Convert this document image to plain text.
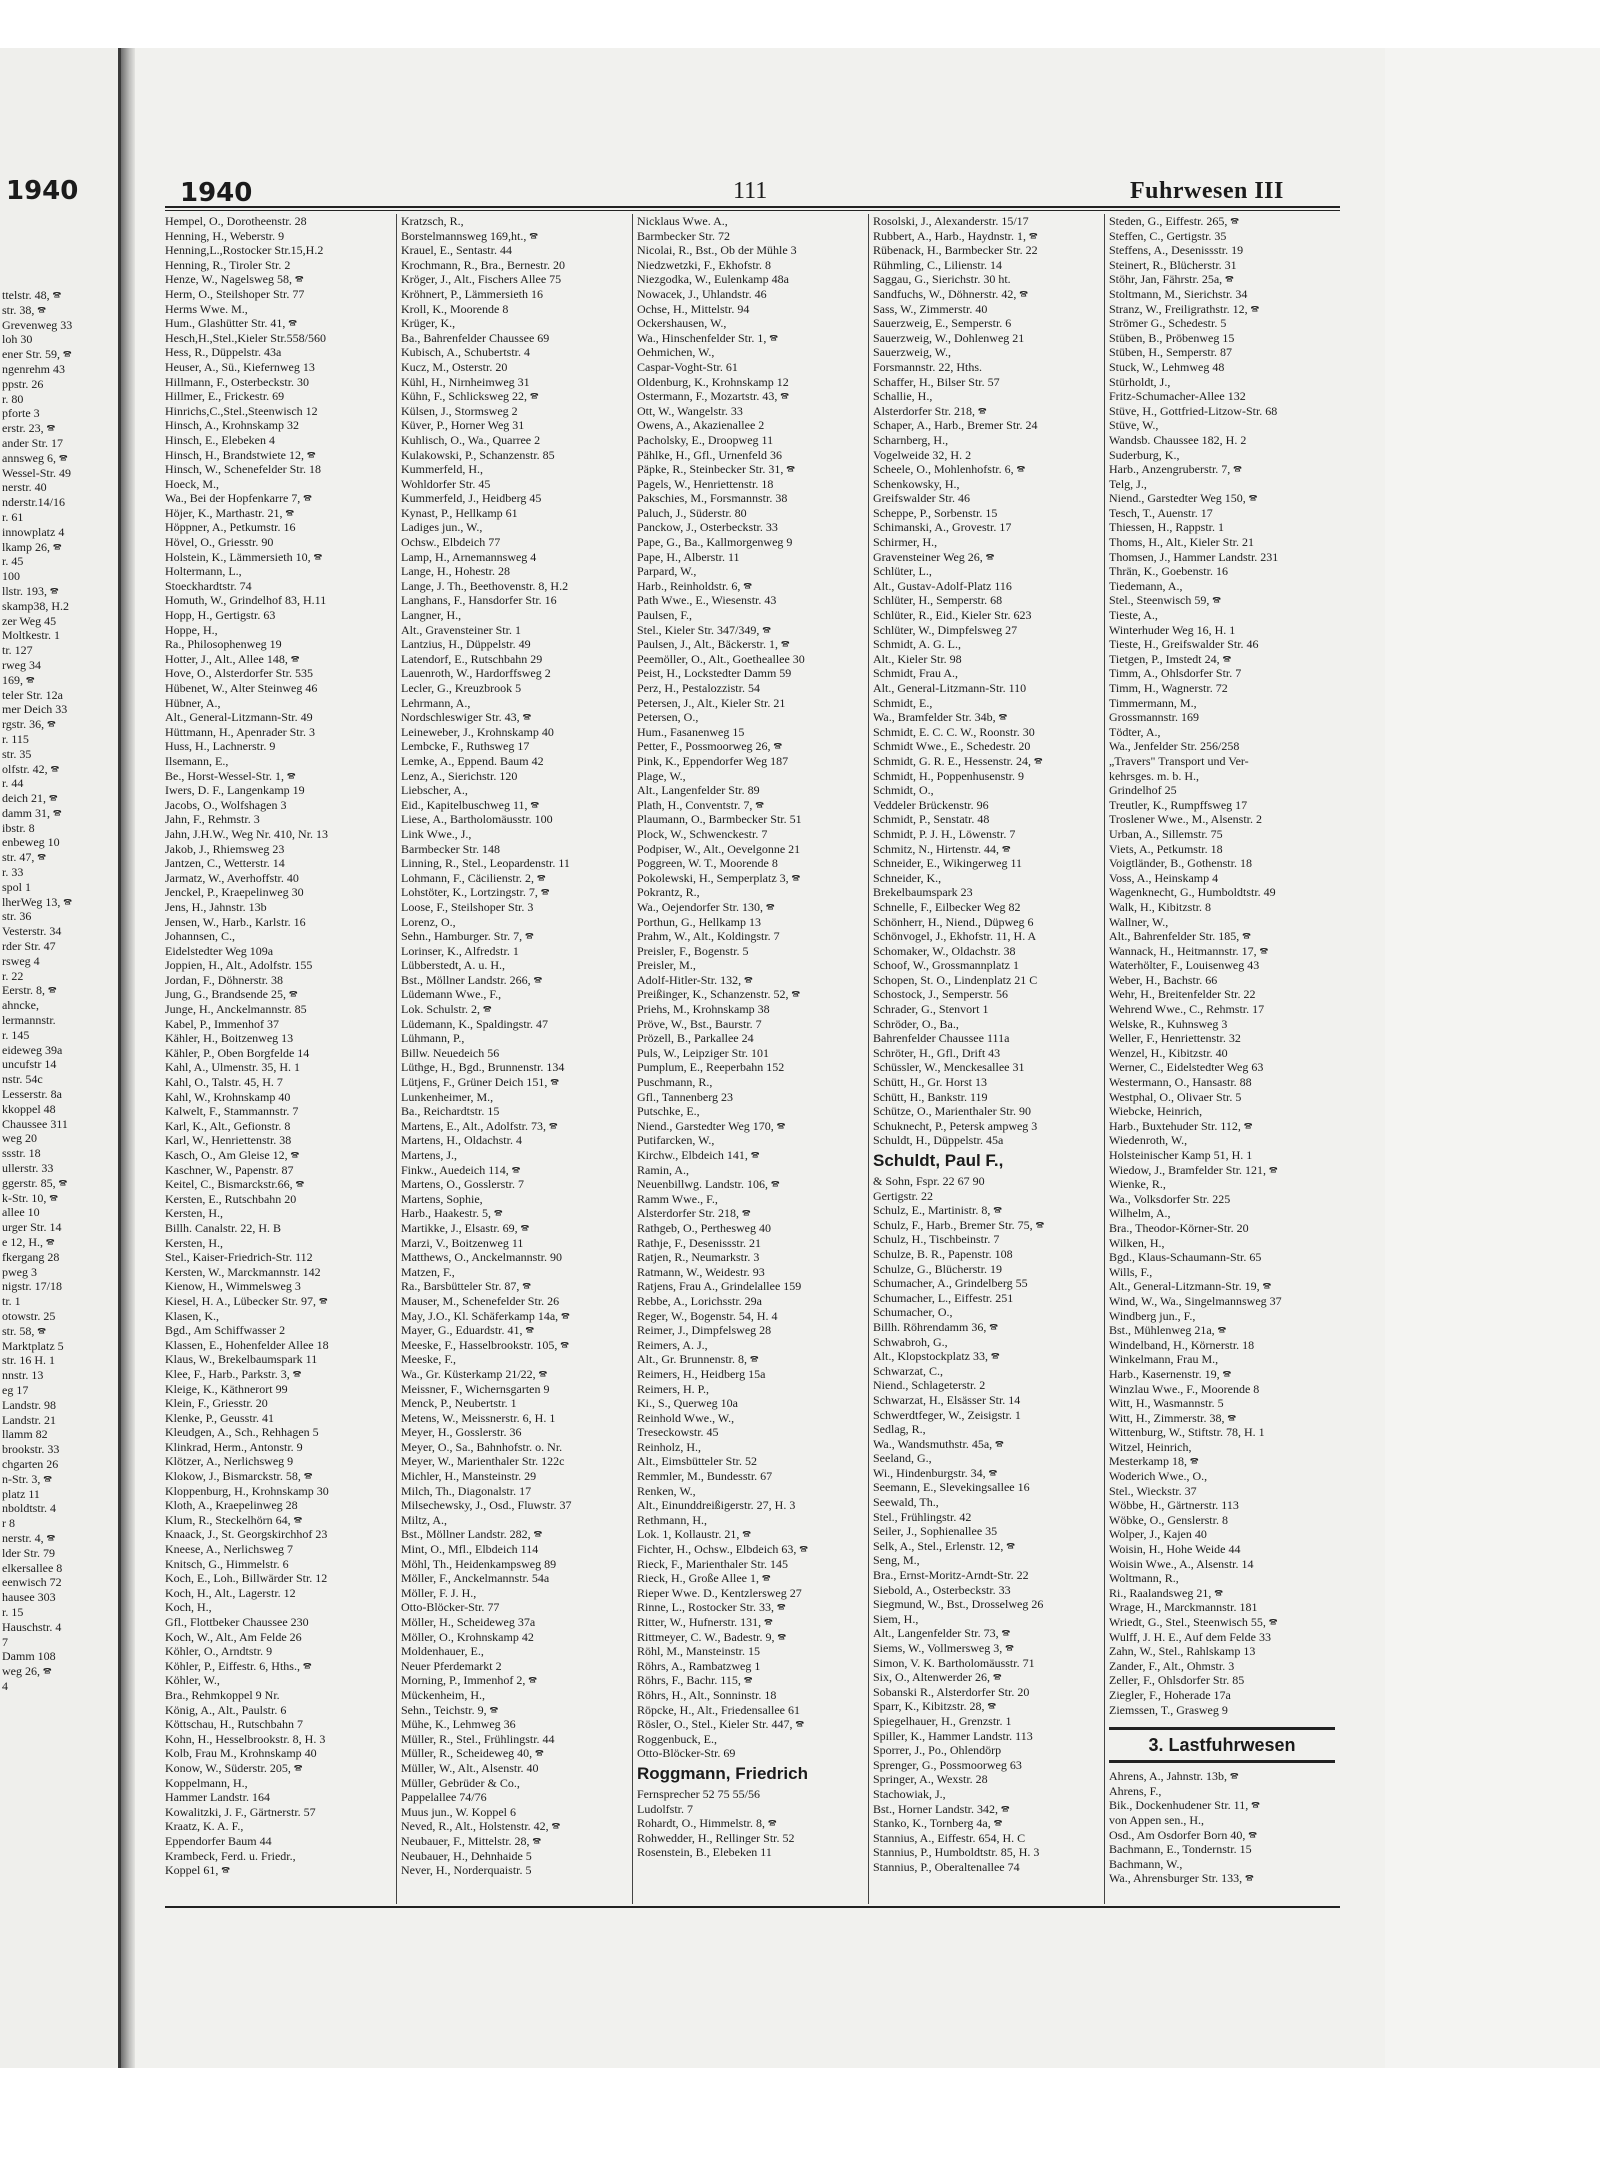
1940
ttelstr. 48, 🕿
str. 38, 🕿
Grevenweg 33
loh 30
ener Str. 59, 🕿
ngenrehm 43
ppstr. 26
r. 80
pforte 3
erstr. 23, 🕿
ander Str. 17
annsweg 6, 🕿
Wessel-Str. 49
nerstr. 40
nderstr.14/16
r. 61
innowplatz 4
lkamp 26, 🕿
r. 45
100
llstr. 193, 🕿
skamp38, H.2
zer Weg 45
Moltkestr. 1
tr. 127
rweg 34
169, 🕿
teler Str. 12a
mer Deich 33
rgstr. 36, 🕿
r. 115
str. 35
olfstr. 42, 🕿
r. 44
deich 21, 🕿
damm 31, 🕿
ibstr. 8
enbeweg 10
str. 47, 🕿
r. 33
spol 1
lherWeg 13, 🕿
str. 36
Vesterstr. 34
rder Str. 47
rsweg 4
r. 22
Eerstr. 8, 🕿
ahncke,
lermannstr.
r. 145
eideweg 39a
uncufstr 14
nstr. 54c
Lesserstr. 8a
kkoppel 48
Chaussee 311
weg 20
ssstr. 18
ullerstr. 33
ggerstr. 85, 🕿
k-Str. 10, 🕿
allee 10
urger Str. 14
e 12, H., 🕿
fkergang 28
pweg 3
nigstr. 17/18
tr. 1
otowstr. 25
str. 58, 🕿
Marktplatz 5
str. 16 H. 1
nnstr. 13
eg 17
Landstr. 98
Landstr. 21
llamm 82
brookstr. 33
chgarten 26
n-Str. 3, 🕿
platz 11
nboldtstr. 4
r 8
nerstr. 4, 🕿
lder Str. 79
elkersallee 8
eenwisch 72
hausee 303
r. 15
Hauschstr. 4
7
Damm 108
weg 26, 🕿
4
1940	111	Fuhrwesen III
Hempel, O., Dorotheenstr. 28
Henning, H., Weberstr. 9
Henning,L.,Rostocker Str.15,H.2
Henning, R., Tiroler Str. 2
Henze, W., Nagelsweg 58, 🕿
Herm, O., Steilshoper Str. 77
Herms Wwe. M.,
Hum., Glashütter Str. 41, 🕿
Hesch,H.,Stel.,Kieler Str.558/560
Hess, R., Düppelstr. 43a
Heuser, A., Sü., Kiefernweg 13
Hillmann, F., Osterbeckstr. 30
Hillmer, E., Frickestr. 69
Hinrichs,C.,Stel.,Steenwisch 12
Hinsch, A., Krohnskamp 32
Hinsch, E., Elebeken 4
Hinsch, H., Brandstwiete 12, 🕿
Hinsch, W., Schenefelder Str. 18
Hoeck, M.,
Wa., Bei der Hopfenkarre 7, 🕿
Höjer, K., Marthastr. 21, 🕿
Höppner, A., Petkumstr. 16
Hövel, O., Griesstr. 90
Holstein, K., Lämmersieth 10, 🕿
Holtermann, L.,
Stoeckhardtstr. 74
Homuth, W., Grindelhof 83, H.11
Hopp, H., Gertigstr. 63
Hoppe, H.,
Ra., Philosophenweg 19
Hotter, J., Alt., Allee 148, 🕿
Hove, O., Alsterdorfer Str. 535
Hübenet, W., Alter Steinweg 46
Hübner, A.,
Alt., General-Litzmann-Str. 49
Hüttmann, H., Apenrader Str. 3
Huss, H., Lachnerstr. 9
Ilsemann, E.,
Be., Horst-Wessel-Str. 1, 🕿
Iwers, D. F., Langenkamp 19
Jacobs, O., Wolfshagen 3
Jahn, F., Rehmstr. 3
Jahn, J.H.W., Weg Nr. 410, Nr. 13
Jakob, J., Rhiemsweg 23
Jantzen, C., Wetterstr. 14
Jarmatz, W., Averhoffstr. 40
Jenckel, P., Kraepelinweg 30
Jens, H., Jahnstr. 13b
Jensen, W., Harb., Karlstr. 16
Johannsen, C.,
Eidelstedter Weg 109a
Joppien, H., Alt., Adolfstr. 155
Jordan, F., Döhnerstr. 38
Jung, G., Brandsende 25, 🕿
Junge, H., Anckelmannstr. 85
Kabel, P., Immenhof 37
Kähler, H., Boitzenweg 13
Kähler, P., Oben Borgfelde 14
Kahl, A., Ulmenstr. 35, H. 1
Kahl, O., Talstr. 45, H. 7
Kahl, W., Krohnskamp 40
Kalwelt, F., Stammannstr. 7
Karl, K., Alt., Gefionstr. 8
Karl, W., Henriettenstr. 38
Kasch, O., Am Gleise 12, 🕿
Kaschner, W., Papenstr. 87
Keitel, C., Bismarckstr.66, 🕿
Kersten, E., Rutschbahn 20
Kersten, H.,
Billh. Canalstr. 22, H. B
Kersten, H.,
Stel., Kaiser-Friedrich-Str. 112
Kersten, W., Marckmannstr. 142
Kienow, H., Wimmelsweg 3
Kiesel, H. A., Lübecker Str. 97, 🕿
Klasen, K.,
Bgd., Am Schiffwasser 2
Klassen, E., Hohenfelder Allee 18
Klaus, W., Brekelbaumspark 11
Klee, F., Harb., Parkstr. 3, 🕿
Kleige, K., Käthnerort 99
Klein, F., Griesstr. 20
Klenke, P., Geusstr. 41
Kleudgen, A., Sch., Rehhagen 5
Klinkrad, Herm., Antonstr. 9
Klötzer, A., Nerlichsweg 9
Klokow, J., Bismarckstr. 58, 🕿
Kloppenburg, H., Krohnskamp 30
Kloth, A., Kraepelinweg 28
Klum, R., Steckelhörn 64, 🕿
Knaack, J., St. Georgskirchhof 23
Kneese, A., Nerlichsweg 7
Knitsch, G., Himmelstr. 6
Koch, E., Loh., Billwärder Str. 12
Koch, H., Alt., Lagerstr. 12
Koch, H.,
Gfl., Flottbeker Chaussee 230
Koch, W., Alt., Am Felde 26
Köhler, O., Arndtstr. 9
Köhler, P., Eiffestr. 6, Hths., 🕿
Köhler, W.,
Bra., Rehmkoppel 9 Nr.
König, A., Alt., Paulstr. 6
Köttschau, H., Rutschbahn 7
Kohn, H., Hesselbrookstr. 8, H. 3
Kolb, Frau M., Krohnskamp 40
Konow, W., Süderstr. 205, 🕿
Koppelmann, H.,
Hammer Landstr. 164
Kowalitzki, J. F., Gärtnerstr. 57
Kraatz, K. A. F.,
Eppendorfer Baum 44
Krambeck, Ferd. u. Friedr.,
Koppel 61, 🕿
Kratzsch, R.,
Borstelmannsweg 169,ht., 🕿
Krauel, E., Sentastr. 44
Krochmann, R., Bra., Bernestr. 20
Kröger, J., Alt., Fischers Allee 75
Kröhnert, P., Lämmersieth 16
Kroll, K., Moorende 8
Krüger, K.,
Ba., Bahrenfelder Chaussee 69
Kubisch, A., Schubertstr. 4
Kucz, M., Osterstr. 20
Kühl, H., Nirnheimweg 31
Kühn, F., Schlicksweg 22, 🕿
Külsen, J., Stormsweg 2
Küver, P., Horner Weg 31
Kuhlisch, O., Wa., Quarree 2
Kulakowski, P., Schanzenstr. 85
Kummerfeld, H.,
Wohldorfer Str. 45
Kummerfeld, J., Heidberg 45
Kynast, P., Hellkamp 61
Ladiges jun., W.,
Ochsw., Elbdeich 77
Lamp, H., Arnemannsweg 4
Lange, H., Hohestr. 28
Lange, J. Th., Beethovenstr. 8, H.2
Langhans, F., Hansdorfer Str. 16
Langner, H.,
Alt., Gravensteiner Str. 1
Lantzius, H., Düppelstr. 49
Latendorf, E., Rutschbahn 29
Lauenroth, W., Hardorffsweg 2
Lecler, G., Kreuzbrook 5
Lehrmann, A.,
Nordschleswiger Str. 43, 🕿
Leineweber, J., Krohnskamp 40
Lembcke, F., Ruthsweg 17
Lemke, A., Eppend. Baum 42
Lenz, A., Sierichstr. 120
Liebscher, A.,
Eid., Kapitelbuschweg 11, 🕿
Liese, A., Bartholomäusstr. 100
Link Wwe., J.,
Barmbecker Str. 148
Linning, R., Stel., Leopardenstr. 11
Lohmann, F., Cäcilienstr. 2, 🕿
Lohstöter, K., Lortzingstr. 7, 🕿
Loose, F., Steilshoper Str. 3
Lorenz, O.,
Sehn., Hamburger. Str. 7, 🕿
Lorinser, K., Alfredstr. 1
Lübberstedt, A. u. H.,
Bst., Möllner Landstr. 266, 🕿
Lüdemann Wwe., F.,
Lok. Schulstr. 2, 🕿
Lüdemann, K., Spaldingstr. 47
Lühmann, P.,
Billw. Neuedeich 56
Lüthge, H., Bgd., Brunnenstr. 134
Lütjens, F., Grüner Deich 151, 🕿
Lunkenheimer, M.,
Ba., Reichardtstr. 15
Martens, E., Alt., Adolfstr. 73, 🕿
Martens, H., Oldachstr. 4
Martens, J.,
Finkw., Auedeich 114, 🕿
Martens, O., Gosslerstr. 7
Martens, Sophie,
Harb., Haakestr. 5, 🕿
Martikke, J., Elsastr. 69, 🕿
Marzi, V., Boitzenweg 11
Matthews, O., Anckelmannstr. 90
Matzen, F.,
Ra., Barsbütteler Str. 87, 🕿
Mauser, M., Schenefelder Str. 26
May, J.O., Kl. Schäferkamp 14a, 🕿
Mayer, G., Eduardstr. 41, 🕿
Meeske, F., Hasselbrookstr. 105, 🕿
Meeske, F.,
Wa., Gr. Küsterkamp 21/22, 🕿
Meissner, F., Wichernsgarten 9
Menck, P., Neubertstr. 1
Metens, W., Meissnerstr. 6, H. 1
Meyer, H., Gosslerstr. 36
Meyer, O., Sa., Bahnhofstr. o. Nr.
Meyer, W., Marienthaler Str. 122c
Michler, H., Mansteinstr. 29
Milch, Th., Diagonalstr. 17
Milsechewsky, J., Osd., Fluwstr. 37
Miltz, A.,
Bst., Möllner Landstr. 282, 🕿
Mint, O., Mfl., Elbdeich 114
Möhl, Th., Heidenkampsweg 89
Möller, F., Anckelmannstr. 54a
Möller, F. J. H.,
Otto-Blöcker-Str. 77
Möller, H., Scheideweg 37a
Möller, O., Krohnskamp 42
Moldenhauer, E.,
Neuer Pferdemarkt 2
Morning, P., Immenhof 2, 🕿
Mückenheim, H.,
Sehn., Teichstr. 9, 🕿
Mühe, K., Lehmweg 36
Müller, R., Stel., Frühlingstr. 44
Müller, R., Scheideweg 40, 🕿
Müller, W., Alt., Alsenstr. 40
Müller, Gebrüder & Co.,
Pappelallee 74/76
Muus jun., W. Koppel 6
Neved, R., Alt., Holstenstr. 42, 🕿
Neubauer, F., Mittelstr. 28, 🕿
Neubauer, H., Dehnhaide 5
Never, H., Norderquaistr. 5
Nicklaus Wwe. A.,
Barmbecker Str. 72
Nicolai, R., Bst., Ob der Mühle 3
Niedzwetzki, F., Ekhofstr. 8
Niezgodka, W., Eulenkamp 48a
Nowacek, J., Uhlandstr. 46
Ochse, H., Mittelstr. 94
Ockershausen, W.,
Wa., Hinschenfelder Str. 1, 🕿
Oehmichen, W.,
Caspar-Voght-Str. 61
Oldenburg, K., Krohnskamp 12
Ostermann, F., Mozartstr. 43, 🕿
Ott, W., Wangelstr. 33
Owens, A., Akazienallee 2
Pacholsky, E., Droopweg 11
Pählke, H., Gfl., Urnenfeld 36
Päpke, R., Steinbecker Str. 31, 🕿
Pagels, W., Henriettenstr. 18
Pakschies, M., Forsmannstr. 38
Paluch, J., Süderstr. 80
Panckow, J., Osterbeckstr. 33
Pape, G., Ba., Kallmorgenweg 9
Pape, H., Alberstr. 11
Parpard, W.,
Harb., Reinholdstr. 6, 🕿
Path Wwe., E., Wiesenstr. 43
Paulsen, F.,
Stel., Kieler Str. 347/349, 🕿
Paulsen, J., Alt., Bäckerstr. 1, 🕿
Peemöller, O., Alt., Goetheallee 30
Peist, H., Lockstedter Damm 59
Perz, H., Pestalozzistr. 54
Petersen, J., Alt., Kieler Str. 21
Petersen, O.,
Hum., Fasanenweg 15
Petter, F., Possmoorweg 26, 🕿
Pink, K., Eppendorfer Weg 187
Plage, W.,
Alt., Langenfelder Str. 89
Plath, H., Conventstr. 7, 🕿
Plaumann, O., Barmbecker Str. 51
Plock, W., Schwenckestr. 7
Podpiser, W., Alt., Oevelgonne 21
Poggreen, W. T., Moorende 8
Pokolewski, H., Semperplatz 3, 🕿
Pokrantz, R.,
Wa., Oejendorfer Str. 130, 🕿
Porthun, G., Hellkamp 13
Prahm, W., Alt., Koldingstr. 7
Preisler, F., Bogenstr. 5
Preisler, M.,
Adolf-Hitler-Str. 132, 🕿
Preißinger, K., Schanzenstr. 52, 🕿
Priehs, M., Krohnskamp 38
Pröve, W., Bst., Baurstr. 7
Prözell, B., Parkallee 24
Puls, W., Leipziger Str. 101
Pumplum, E., Reeperbahn 152
Puschmann, R.,
Gfl., Tannenberg 23
Putschke, E.,
Niend., Garstedter Weg 170, 🕿
Putifarcken, W.,
Kirchw., Elbdeich 141, 🕿
Ramin, A.,
Neuenbillwg. Landstr. 106, 🕿
Ramm Wwe., F.,
Alsterdorfer Str. 218, 🕿
Rathgeb, O., Perthesweg 40
Rathje, F., Desenissstr. 21
Ratjen, R., Neumarkstr. 3
Ratmann, W., Weidestr. 93
Ratjens, Frau A., Grindelallee 159
Rebbe, A., Lorichsstr. 29a
Reger, W., Bogenstr. 54, H. 4
Reimer, J., Dimpfelsweg 28
Reimers, A. J.,
Alt., Gr. Brunnenstr. 8, 🕿
Reimers, H., Heidberg 15a
Reimers, H. P.,
Ki., S., Querweg 10a
Reinhold Wwe., W.,
Treseckowstr. 45
Reinholz, H.,
Alt., Eimsbütteler Str. 52
Remmler, M., Bundesstr. 67
Renken, W.,
Alt., Einunddreißigerstr. 27, H. 3
Rethmann, H.,
Lok. 1, Kollaustr. 21, 🕿
Fichter, H., Ochsw., Elbdeich 63, 🕿
Rieck, F., Marienthaler Str. 145
Rieck, H., Große Allee 1, 🕿
Rieper Wwe. D., Kentzlersweg 27
Rinne, L., Rostocker Str. 33, 🕿
Ritter, W., Hufnerstr. 131, 🕿
Rittmeyer, C. W., Badestr. 9, 🕿
Röhl, M., Mansteinstr. 15
Röhrs, A., Rambatzweg 1
Röhrs, F., Bachr. 115, 🕿
Röhrs, H., Alt., Sonninstr. 18
Röpcke, H., Alt., Friedensallee 61
Rösler, O., Stel., Kieler Str. 447, 🕿
Roggenbuck, E.,
Otto-Blöcker-Str. 69
Roggmann, Friedrich
Fernsprecher 52 75 55/56
Ludolfstr. 7
Rohardt, O., Himmelstr. 8, 🕿
Rohwedder, H., Rellinger Str. 52
Rosenstein, B., Elebeken 11
Rosolski, J., Alexanderstr. 15/17
Rubbert, A., Harb., Haydnstr. 1, 🕿
Rübenack, H., Barmbecker Str. 22
Rühmling, C., Lilienstr. 14
Saggau, G., Sierichstr. 30 ht.
Sandfuchs, W., Döhnerstr. 42, 🕿
Sass, W., Zimmerstr. 40
Sauerzweig, E., Semperstr. 6
Sauerzweig, W., Dohlenweg 21
Sauerzweig, W.,
Forsmannstr. 22, Hths.
Schaffer, H., Bilser Str. 57
Schallie, H.,
Alsterdorfer Str. 218, 🕿
Schaper, A., Harb., Bremer Str. 24
Scharnberg, H.,
Vogelweide 32, H. 2
Scheele, O., Mohlenhofstr. 6, 🕿
Schenkowsky, H.,
Greifswalder Str. 46
Scheppe, P., Sorbenstr. 15
Schimanski, A., Grovestr. 17
Schirmer, H.,
Gravensteiner Weg 26, 🕿
Schlüter, L.,
Alt., Gustav-Adolf-Platz 116
Schlüter, H., Semperstr. 68
Schlüter, R., Eid., Kieler Str. 623
Schlüter, W., Dimpfelsweg 27
Schmidt, A. G. L.,
Alt., Kieler Str. 98
Schmidt, Frau A.,
Alt., General-Litzmann-Str. 110
Schmidt, E.,
Wa., Bramfelder Str. 34b, 🕿
Schmidt, E. C. C. W., Roonstr. 30
Schmidt Wwe., E., Schedestr. 20
Schmidt, G. R. E., Hessenstr. 24, 🕿
Schmidt, H., Poppenhusenstr. 9
Schmidt, O.,
Veddeler Brückenstr. 96
Schmidt, P., Senstatr. 48
Schmidt, P. J. H., Löwenstr. 7
Schmitz, N., Hirtenstr. 44, 🕿
Schneider, E., Wikingerweg 11
Schneider, K.,
Brekelbaumspark 23
Schnelle, F., Eilbecker Weg 82
Schönherr, H., Niend., Düpweg 6
Schönvogel, J., Ekhofstr. 11, H. A
Schomaker, W., Oldachstr. 38
Schoof, W., Grossmannplatz 1
Schopen, St. O., Lindenplatz 21 C
Schostock, J., Semperstr. 56
Schrader, G., Stenvort 1
Schröder, O., Ba.,
Bahrenfelder Chaussee 111a
Schröter, H., Gfl., Drift 43
Schüssler, W., Menckesallee 31
Schütt, H., Gr. Horst 13
Schütt, H., Bankstr. 119
Schütze, O., Marienthaler Str. 90
Schuknecht, P., Petersk ampweg 3
Schuldt, H., Düppelstr. 45a
Schuldt, Paul F.,
& Sohn, Fspr. 22 67 90
Gertigstr. 22
Schulz, E., Martinistr. 8, 🕿
Schulz, F., Harb., Bremer Str. 75, 🕿
Schulz, H., Tischbeinstr. 7
Schulze, B. R., Papenstr. 108
Schulze, G., Blücherstr. 19
Schumacher, A., Grindelberg 55
Schumacher, L., Eiffestr. 251
Schumacher, O.,
Billh. Röhrendamm 36, 🕿
Schwabroh, G.,
Alt., Klopstockplatz 33, 🕿
Schwarzat, C.,
Niend., Schlageterstr. 2
Schwarzat, H., Elsässer Str. 14
Schwerdtfeger, W., Zeisigstr. 1
Sedlag, R.,
Wa., Wandsmuthstr. 45a, 🕿
Seeland, G.,
Wi., Hindenburgstr. 34, 🕿
Seemann, E., Slevekingsallee 16
Seewald, Th.,
Stel., Frühlingstr. 42
Seiler, J., Sophienallee 35
Selk, A., Stel., Erlenstr. 12, 🕿
Seng, M.,
Bra., Ernst-Moritz-Arndt-Str. 22
Siebold, A., Osterbeckstr. 33
Siegmund, W., Bst., Drosselweg 26
Siem, H.,
Alt., Langenfelder Str. 73, 🕿
Siems, W., Vollmersweg 3, 🕿
Simon, V. K. Bartholomäusstr. 71
Six, O., Altenwerder 26, 🕿
Sobanski R., Alsterdorfer Str. 20
Sparr, K., Kibitzstr. 28, 🕿
Spiegelhauer, H., Grenzstr. 1
Spiller, K., Hammer Landstr. 113
Sporrer, J., Po., Ohlendörp
Sprenger, G., Possmoorweg 63
Springer, A., Wexstr. 28
Stachowiak, J.,
Bst., Horner Landstr. 342, 🕿
Stanko, K., Tornberg 4a, 🕿
Stannius, A., Eiffestr. 654, H. C
Stannius, P., Humboldtstr. 85, H. 3
Stannius, P., Oberaltenallee 74
Steden, G., Eiffestr. 265, 🕿
Steffen, C., Gertigstr. 35
Steffens, A., Desenissstr. 19
Steinert, R., Blücherstr. 31
Stöhr, Jan, Fährstr. 25a, 🕿
Stoltmann, M., Sierichstr. 34
Stranz, W., Freiligrathstr. 12, 🕿
Strömer G., Schedestr. 5
Stüben, B., Pröbenweg 15
Stüben, H., Semperstr. 87
Stuck, W., Lehmweg 48
Stürholdt, J.,
Fritz-Schumacher-Allee 132
Stüve, H., Gottfried-Litzow-Str. 68
Stüve, W.,
Wandsb. Chaussee 182, H. 2
Suderburg, K.,
Harb., Anzengruberstr. 7, 🕿
Telg, J.,
Niend., Garstedter Weg 150, 🕿
Tesch, T., Auenstr. 17
Thiessen, H., Rappstr. 1
Thoms, H., Alt., Kieler Str. 21
Thomsen, J., Hammer Landstr. 231
Thrän, K., Goebenstr. 16
Tiedemann, A.,
Stel., Steenwisch 59, 🕿
Tieste, A.,
Winterhuder Weg 16, H. 1
Tieste, H., Greifswalder Str. 46
Tietgen, P., Imstedt 24, 🕿
Timm, A., Ohlsdorfer Str. 7
Timm, H., Wagnerstr. 72
Timmermann, M.,
Grossmannstr. 169
Tödter, A.,
Wa., Jenfelder Str. 256/258
„Travers" Transport und Ver-
kehrsges. m. b. H.,
Grindelhof 25
Treutler, K., Rumpffsweg 17
Troslener Wwe., M., Alsenstr. 2
Urban, A., Sillemstr. 75
Viets, A., Petkumstr. 18
Voigtländer, B., Gothenstr. 18
Voss, A., Heinskamp 4
Wagenknecht, G., Humboldtstr. 49
Walk, H., Kibitzstr. 8
Wallner, W.,
Alt., Bahrenfelder Str. 185, 🕿
Wannack, H., Heitmannstr. 17, 🕿
Waterhölter, F., Louisenweg 43
Weber, H., Bachstr. 66
Wehr, H., Breitenfelder Str. 22
Wehrend Wwe., C., Rehmstr. 17
Welske, R., Kuhnsweg 3
Weller, F., Henriettenstr. 32
Wenzel, H., Kibitzstr. 40
Werner, C., Eidelstedter Weg 63
Westermann, O., Hansastr. 88
Westphal, O., Olivaer Str. 5
Wiebcke, Heinrich,
Harb., Buxtehuder Str. 112, 🕿
Wiedenroth, W.,
Holsteinischer Kamp 51, H. 1
Wiedow, J., Bramfelder Str. 121, 🕿
Wienke, R.,
Wa., Volksdorfer Str. 225
Wilhelm, A.,
Bra., Theodor-Körner-Str. 20
Wilken, H.,
Bgd., Klaus-Schaumann-Str. 65
Wills, F.,
Alt., General-Litzmann-Str. 19, 🕿
Wind, W., Wa., Singelmannsweg 37
Windberg jun., F.,
Bst., Mühlenweg 21a, 🕿
Windelband, H., Körnerstr. 18
Winkelmann, Frau M.,
Harb., Kasernenstr. 19, 🕿
Winzlau Wwe., F., Moorende 8
Witt, H., Wasmannstr. 5
Witt, H., Zimmerstr. 38, 🕿
Wittenburg, W., Stiftstr. 78, H. 1
Witzel, Heinrich,
Mesterkamp 18, 🕿
Woderich Wwe., O.,
Stel., Wieckstr. 37
Wöbbe, H., Gärtnerstr. 113
Wöbke, O., Genslerstr. 8
Wolper, J., Kajen 40
Woisin, H., Hohe Weide 44
Woisin Wwe., A., Alsenstr. 14
Woltmann, R.,
Ri., Raalandsweg 21, 🕿
Wrage, H., Marckmannstr. 181
Wriedt, G., Stel., Steenwisch 55, 🕿
Wulff, J. H. E., Auf dem Felde 33
Zahn, W., Stel., Rahlskamp 13
Zander, F., Alt., Ohmstr. 3
Zeller, F., Ohlsdorfer Str. 85
Ziegler, F., Hoherade 17a
Ziemssen, T., Grasweg 9
3. Lastfuhrwesen
Ahrens, A., Jahnstr. 13b, 🕿
Ahrens, F.,
Bik., Dockenhudener Str. 11, 🕿
von Appen sen., H.,
Osd., Am Osdorfer Born 40, 🕿
Bachmann, E., Tondernstr. 15
Bachmann, W.,
Wa., Ahrensburger Str. 133, 🕿
